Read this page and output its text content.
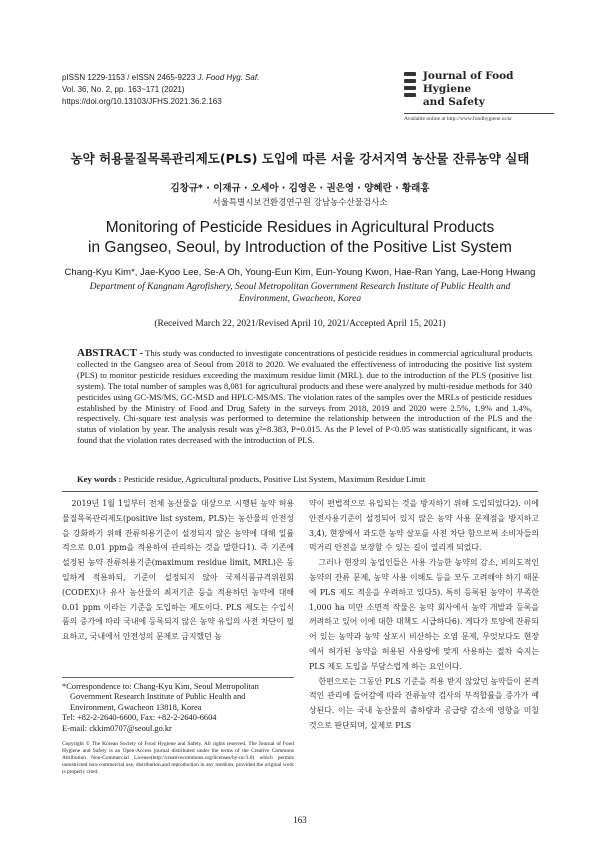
pISSN 1229-1153 / eISSN 2465-9223 J. Food Hyg. Saf.
Vol. 36, No. 2, pp. 163~171 (2021)
https://doi.org/10.13103/JFHS.2021.36.2.163
Journal of Food Hygiene
and Safety
Available online at http://www.foodhygiene.or.kr
농약 허용물질목록관리제도(PLS) 도입에 따른 서울 강서지역 농산물 잔류농약 실태
김창규* · 이재규 · 오세아 · 김영은 · 권은영 · 양혜란 · 황래홍
서울특별시보건환경연구원 강남농수산물검사소
Monitoring of Pesticide Residues in Agricultural Products
in Gangseo, Seoul, by Introduction of the Positive List System
Chang-Kyu Kim*, Jae-Kyoo Lee, Se-A Oh, Young-Eun Kim, Eun-Young Kwon, Hae-Ran Yang, Lae-Hong Hwang
Department of Kangnam Agrofishery, Seoul Metropolitan Government Research Institute of Public Health and Environment, Gwacheon, Korea
(Received March 22, 2021/Revised April 10, 2021/Accepted April 15, 2021)
ABSTRACT - This study was conducted to investigate concentrations of pesticide residues in commercial agricultural products collected in the Gangseo area of Seoul from 2018 to 2020. We evaluated the effectiveness of introducing the positive list system (PLS) to monitor pesticide residues exceeding the maximum residue limit (MRL). due to the introduction of the PLS (positive list system). The total number of samples was 8,081 for agricultural products and these were analyzed by multi-residue methods for 340 pesticides using GC-MS/MS, GC-MSD and HPLC-MS/MS. The violation rates of the samples over the MRLs of pesticide residues established by the Ministry of Food and Drug Safety in the surveys from 2018, 2019 and 2020 were 2.5%, 1.9% and 1.4%, respectively. Chi-square test analysis was performed to determine the relationship between the introduction of the PLS and the status of violation by year. The analysis result was χ²=8.383, P=0.015. As the P level of P<0.05 was statistically significant, it was found that the violation rates decreased with the introduction of PLS.
Key words : Pesticide residue, Agricultural products, Positive List System, Maximum Residue Limit

2019년 1월 1일부터 전체 농산물을 대상으로 시행된 농약 허용물질목록관리제도(positive list system, PLS)는 농산물의 안전성을 강화하기 위해 잔류허용기준이 설정되지 않은 농약에 대해 일률적으로 0.01 ppm을 적용하여 관리하는 것을 말한다1). 즉 기존에 설정된 농약 잔류허용기준(maximum residue limit, MRL)은 동일하게 적용하되, 기준이 설정되지 않아 국제식품규격위원회(CODEX)나 유사 농산물의 최저기준 등을 적용하던 농약에 대해 0.01 ppm 이라는 기준을 도입하는 제도이다. PLS 제도는 수입식품의 증가에 따라 국내에 등록되지 않은 농약 유입의 사전 차단이 필요하고, 국내에서 안전성의 문제로 금지했던 농

약이 편법적으로 유입되는 것을 방지하기 위해 도입되었다2). 이에 안전사용기준이 설정되어 있지 않은 농약 사용 문제점을 방지하고3,4), 현장에서 과도한 농약 살포를 사전 차단 함으로써 소비자들의 먹거리 안전을 보장할 수 있는 길이 열리게 되었다.

그러나 현장의 농업인들은 사용 가능한 농약의 감소, 비의도적인 농약의 잔류 문제, 농약 사용 이해도 등을 모두 고려해야 하기 때문에 PLS 제도 적응을 우려하고 있다5). 특히 등록된 농약이 부족한 1,000 ha 미만 소면적 작물은 농약 회사에서 농약 개발과 등록을 꺼려하고 있어 이에 대한 대책도 시급하다6). 게다가 토양에 잔류되어 있는 농약과 농약 살포시 비산하는 오염 문제, 무엇보다도 현장에서 허가된 농약을 허용된 사용량에 맞게 사용하는 절차 숙지는 PLS 제도 도입을 부담스럽게 하는 요인이다.

한편으로는 그동안 PLS 기준을 적용 받지 않았던 농약들이 본격적인 관리에 들어감에 따라 잔류농약 검사의 부적합률을 증가가 예상된다. 이는 국내 농산물의 출하량과 공급량 감소에 영향을 미칠 것으로 판단되며, 실제로 PLS

*Correspondence to: Chang-Kyu Kim, Seoul Metropolitan
Government Research Institute of Public Health and
Environment, Gwacheon 13818, Korea
Tel: +82-2-2640-6600, Fax: +82-2-2640-6604
E-mail: ckkim0707@seoul.go.kr
Copyright © The Korean Society of Food Hygiene and Safety. All rights reserved. The Journal of Food Hygiene and Safety is an Open-Access journal distributed under the terms of the Creative Commons Attribution Non-Commercial License(http://creativecommons.org/licenses/by-nc/3.0) which permits unrestricted non-commercial use, distribution,and reproduction in any medium, provided the original work is properly cited.
163
